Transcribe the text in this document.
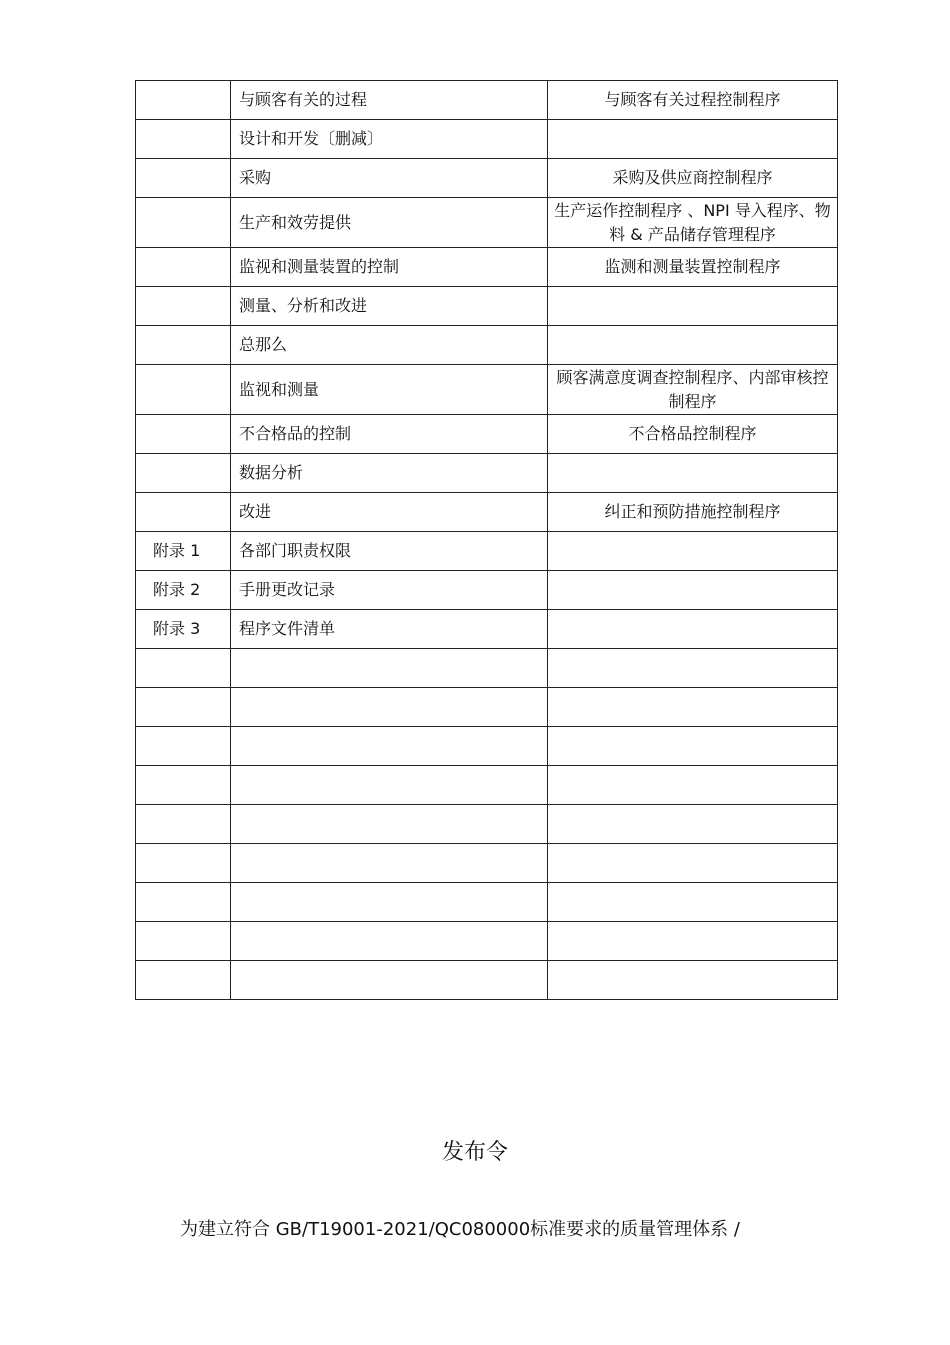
	与顾客有关的过程	与顾客有关过程控制程序
	设计和开发〔删减〕	
	采购	采购及供应商控制程序
	生产和效劳提供	生产运作控制程序 、NPI 导入程序、物料 & 产品储存管理程序
	监视和测量装置的控制	监测和测量装置控制程序
	测量、分析和改进	
	总那么	
	监视和测量	顾客满意度调查控制程序、内部审核控制程序
	不合格品的控制	不合格品控制程序
	数据分析	
	改进	纠正和预防措施控制程序
附录 1	各部门职责权限	
附录 2	手册更改记录	
附录 3	程序文件清单	

发布令
为建立符合 GB/T19001-2021/QC080000标准要求的质量管理体系 /
